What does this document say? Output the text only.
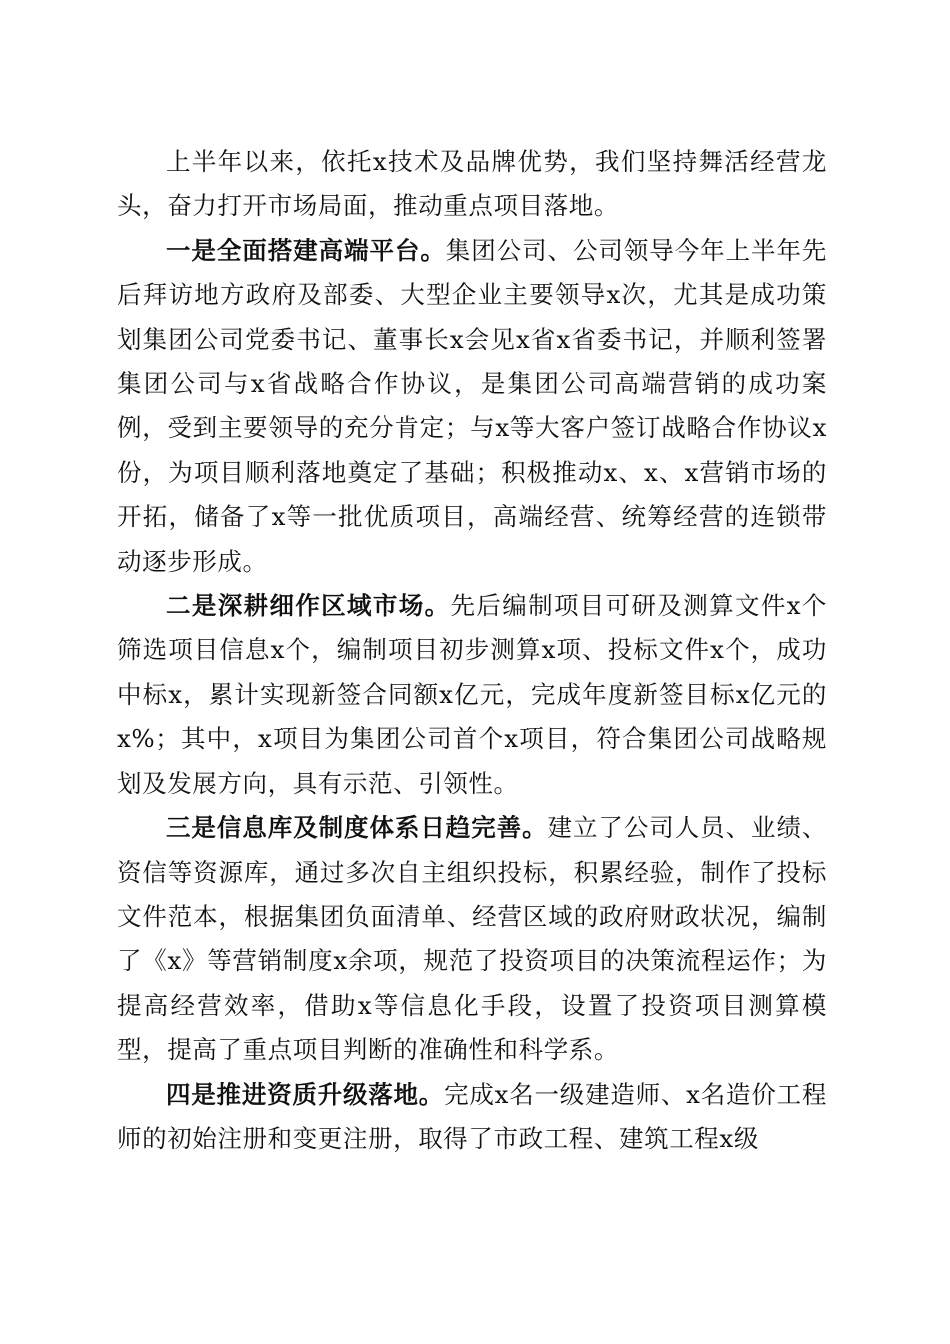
上半年以来，依托x技术及品牌优势，我们坚持舞活经营龙头，奋力打开市场局面，推动重点项目落地。

一是全面搭建高端平台。集团公司、公司领导今年上半年先后拜访地方政府及部委、大型企业主要领导x次，尤其是成功策划集团公司党委书记、董事长x会见x省x省委书记，并顺利签署集团公司与x省战略合作协议，是集团公司高端营销的成功案例，受到主要领导的充分肯定；与x等大客户签订战略合作协议x份，为项目顺利落地奠定了基础；积极推动x、x、x营销市场的开拓，储备了x等一批优质项目，高端经营、统筹经营的连锁带动逐步形成。

二是深耕细作区域市场。先后编制项目可研及测算文件x个筛选项目信息x个，编制项目初步测算x项、投标文件x个，成功中标x，累计实现新签合同额x亿元，完成年度新签目标x亿元的x%；其中，x项目为集团公司首个x项目，符合集团公司战略规划及发展方向，具有示范、引领性。

三是信息库及制度体系日趋完善。建立了公司人员、业绩、资信等资源库，通过多次自主组织投标，积累经验，制作了投标文件范本，根据集团负面清单、经营区域的政府财政状况，编制了《x》等营销制度x余项，规范了投资项目的决策流程运作；为提高经营效率，借助x等信息化手段，设置了投资项目测算模型，提高了重点项目判断的准确性和科学系。

四是推进资质升级落地。完成x名一级建造师、x名造价工程师的初始注册和变更注册，取得了市政工程、建筑工程x级
